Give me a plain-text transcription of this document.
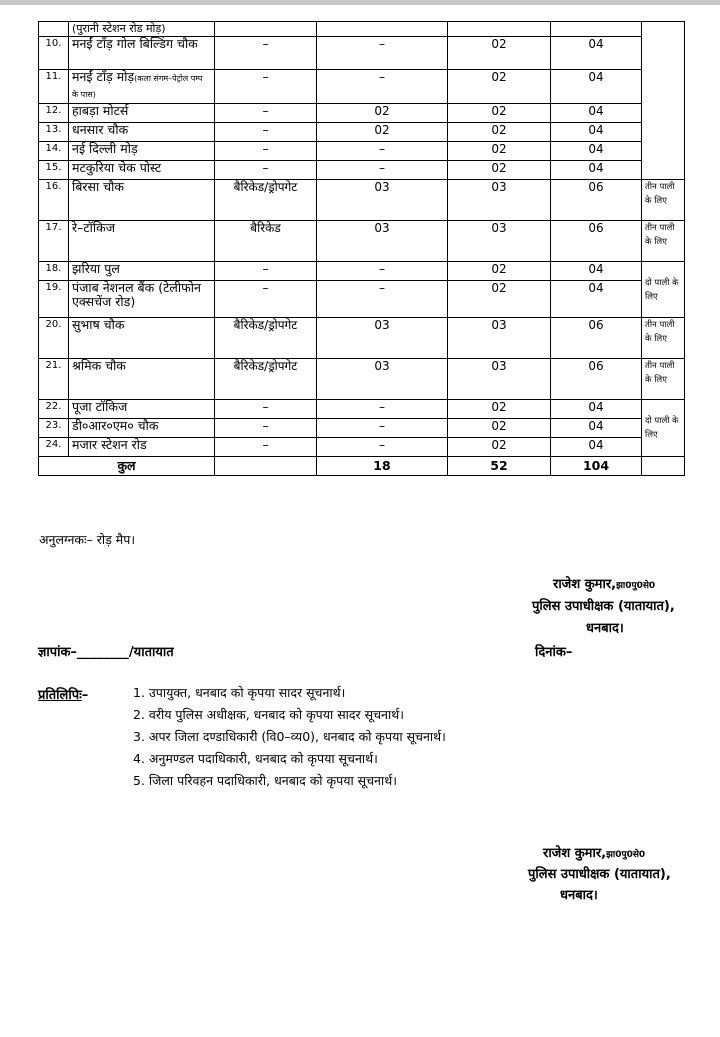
	(पुरानी स्टेशन रोड मोड़)					
10.	मनईं टॉंड़ गोल बिल्डिंग चौक	–	–	02	04	
11.	मनईं टॉंड़ मोड़(कला संगम–पेट्रोल पम्प के पास)	–	–	02	04	
12.	हाबड़ा मोटर्स	–	02	02	04	
13.	धनसार चौक	–	02	02	04	
14.	नई दिल्ली मोड़	–	–	02	04	
15.	मटकुरिया चेक पोस्ट	–	–	02	04	
16.	बिरसा चौक	बैरिकेड/ड्रोपगेट	03	03	06	तीन पाली के लिए
17.	रे–टॉकिज	बैरिकेड	03	03	06	तीन पाली के लिए
18.	झरिया पुल	–	–	02	04	दो पाली के लिए
19.	पंजाब नेशनल बैंक (टेलीफोन एक्सचेंज रोड)	–	–	02	04	
20.	सुभाष चौक	बैरिकेड/ड्रोपगेट	03	03	06	तीन पाली के लिए
21.	श्रमिक चौक	बैरिकेड/ड्रोपगेट	03	03	06	तीन पाली के लिए
22.	पूजा टॉकिज	–	–	02	04	दो पाली के लिए
23.	डी०आर०एम० चौक	–	–	02	04	
24.	मजार स्टेशन रोड	–	–	02	04	
कुल			18	52	104	
अनुलग्नकः– रोड़ मैप।
राजेश कुमार,झा0पु0से0
पुलिस उपाधीक्षक (यातायात),
धनबाद।
ज्ञापांक–________/यातायात	दिनांक–
प्रतिलिपिः–	1. उपायुक्त, धनबाद को कृपया सादर सूचनार्थ।
2. वरीय पुलिस अधीक्षक, धनबाद को कृपया सादर सूचनार्थ।
3. अपर जिला दण्डाधिकारी (वि0–व्य0), धनबाद को कृपया सूचनार्थ।
4. अनुमण्डल पदाधिकारी, धनबाद को कृपया सूचनार्थ।
5. जिला परिवहन पदाधिकारी, धनबाद को कृपया सूचनार्थ।
राजेश कुमार,झा0पु0से0
पुलिस उपाधीक्षक (यातायात),
धनबाद।
